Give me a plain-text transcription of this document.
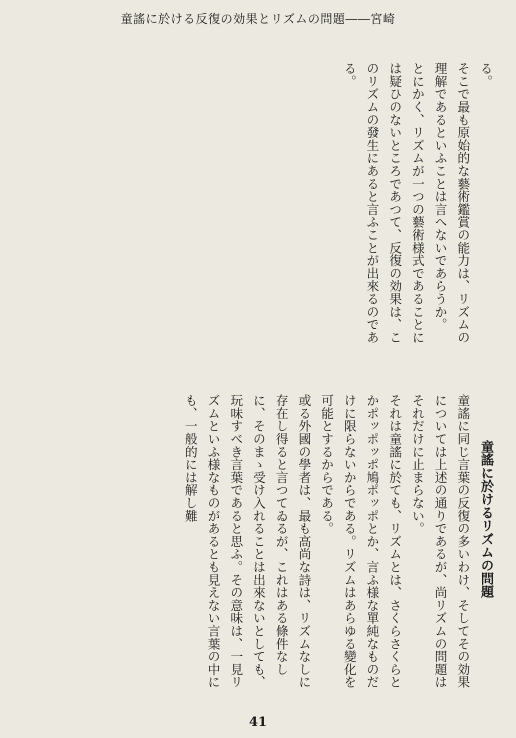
童謠に於ける反復の効果とリズムの問題――宮崎

る。

そこで最も原始的な藝術鑑賞の能力は、リズムの理解であるといふことは言へないであらうか。

とにかく、リズムが一つの藝術様式であることには疑ひのないところであつて、反復の効果は、このリズムの發生にあると言ふことが出來るのである。

童謠に於けるリズムの問題

童謠に同じ言葉の反復の多いわけ、そしてその効果については上述の通りであるが、尚リズムの問題はそれだけに止まらない。

それは童謠に於ても、リズムとは、さくらさくらとかポッポッポ鳩ポッポとか、言ふ様な單純なものだけに限らないからである。リズムはあらゆる變化を可能とするからである。

或る外國の學者は、最も高尚な詩は、リズムなしに存在し得ると言つてゐるが、これはある條件なしに、そのまゝ受け入れることは出來ないとしても、玩味すべき言葉であると思ふ。その意味は、一見リズムといふ様なものがあるとも見えない言葉の中にも、一般的には解し難

41
